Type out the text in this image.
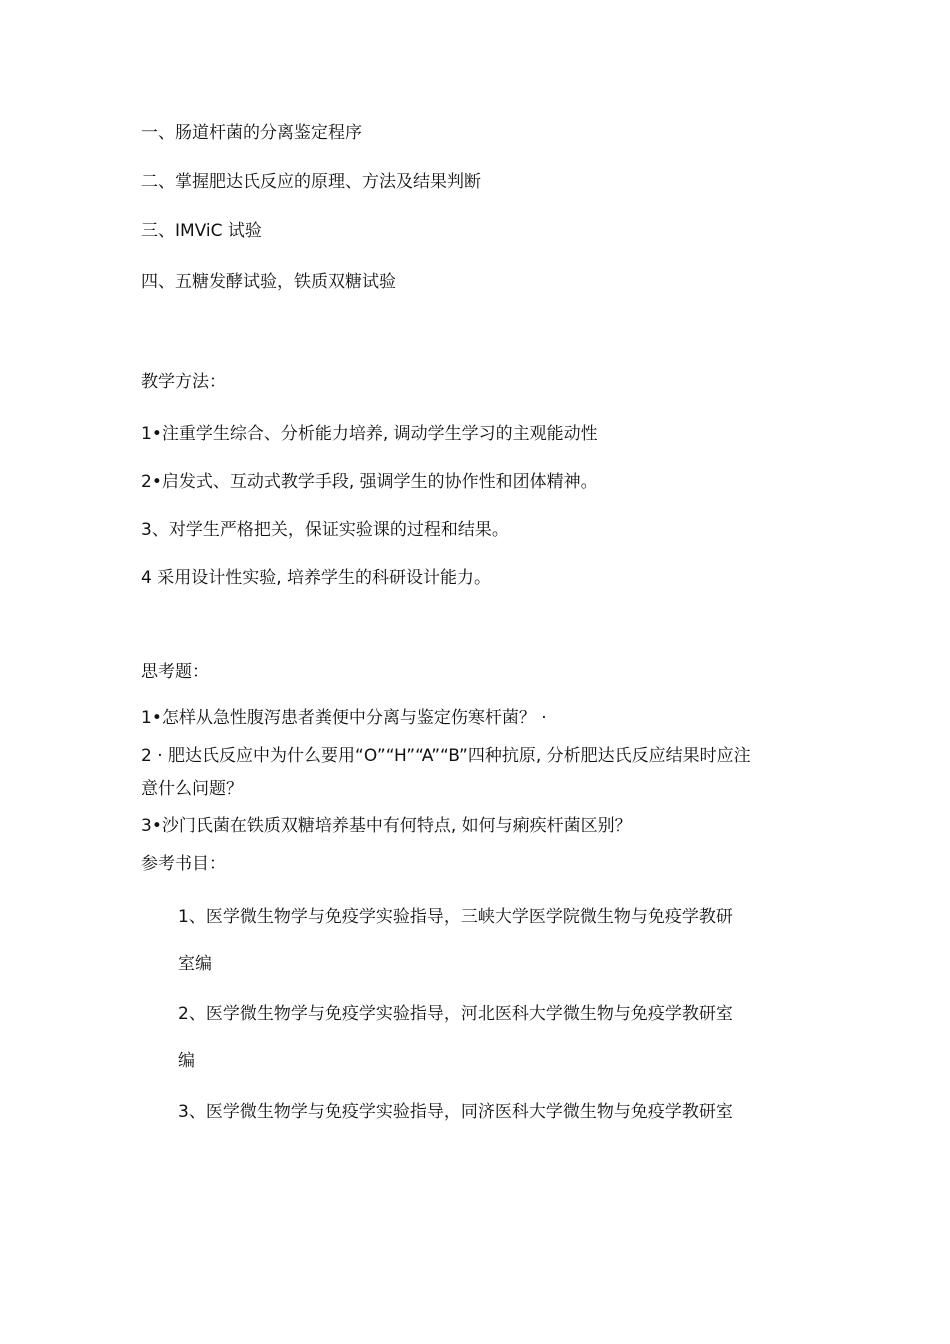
一、肠道杆菌的分离鉴定程序

二、掌握肥达氏反应的原理、方法及结果判断

三、IMViC 试验

四、五糖发酵试验，铁质双糖试验

教学方法：

1•注重学生综合、分析能力培养, 调动学生学习的主观能动性

2•启发式、互动式教学手段, 强调学生的协作性和团体精神。

3、对学生严格把关，保证实验课的过程和结果。

4 采用设计性实验, 培养学生的科研设计能力。

思考题：

1•怎样从急性腹泻患者粪便中分离与鉴定伤寒杆菌？ ·

2 · 肥达氏反应中为什么要用“O”“H”“A”“B”四种抗原, 分析肥达氏反应结果时应注

意什么问题？

3•沙门氏菌在铁质双糖培养基中有何特点, 如何与痢疾杆菌区别？

参考书目：

1、医学微生物学与免疫学实验指导，三峡大学医学院微生物与免疫学教研

室编

2、医学微生物学与免疫学实验指导，河北医科大学微生物与免疫学教研室

编

3、医学微生物学与免疫学实验指导，同济医科大学微生物与免疫学教研室
